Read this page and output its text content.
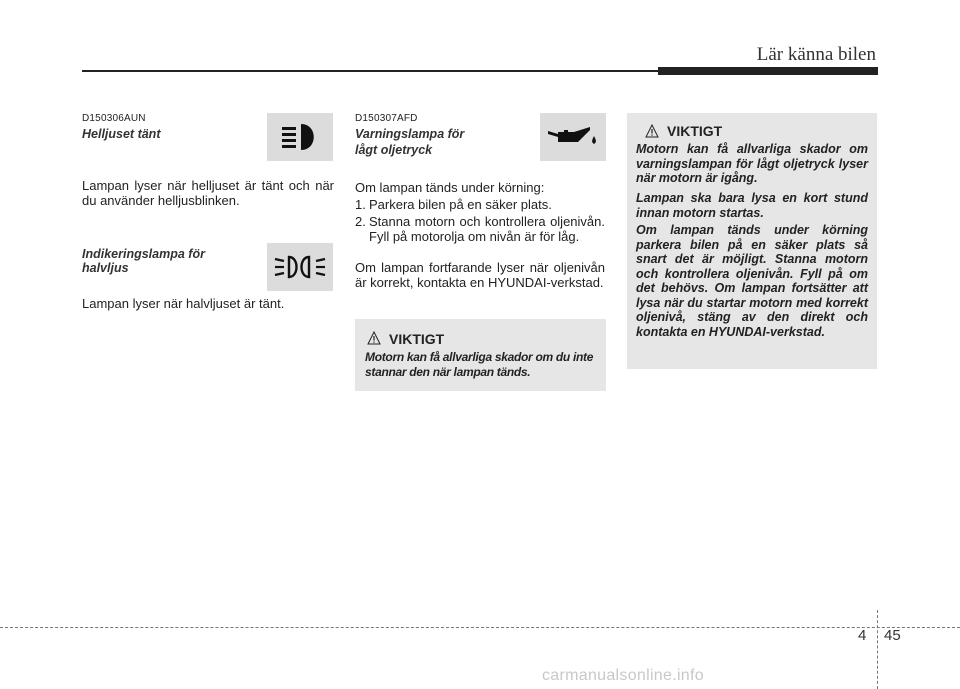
Lär känna bilen
D150306AUN
Helljuset tänt
Lampan lyser när helljuset är tänt och när du använder helljusblinken.
Indikeringslampa för
halvljus
Lampan lyser när halvljuset är tänt.
D150307AFD
Varningslampa för
lågt oljetryck
Om lampan tänds under körning:
1. Parkera bilen på en säker plats.
2. Stanna motorn och kontrollera oljenivån. Fyll på motorolja om nivån är för låg.
Om lampan fortfarande lyser när oljenivån är korrekt, kontakta en HYUNDAI-verkstad.
VIKTIGT
Motorn kan få allvarliga skador om du inte stannar den när lampan tänds.
VIKTIGT
Motorn kan få allvarliga skador om varningslampan för lågt oljetryck lyser när motorn är igång.
Lampan ska bara lysa en kort stund innan motorn startas.
Om lampan tänds under körning parkera bilen på en säker plats så snart det är möjligt. Stanna motorn och kontrollera oljenivån. Fyll på om det behövs. Om lampan fortsätter att lysa när du startar motorn med korrekt oljenivå, stäng av den direkt och kontakta en HYUNDAI-verkstad.
4 45
carmanualsonline.info
